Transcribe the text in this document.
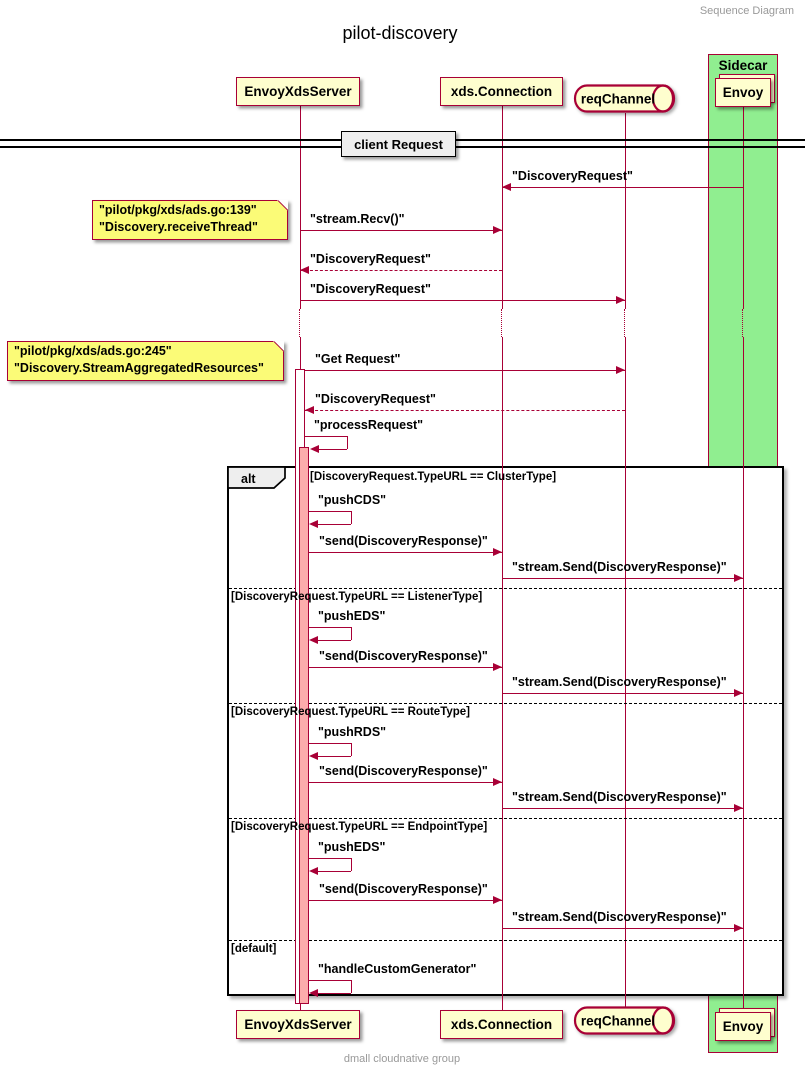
Sequence Diagram
pilot-discovery
Sidecar
client Request
alt
dmall cloudnative group
[DiscoveryRequest.TypeURL == ClusterType]
[DiscoveryRequest.TypeURL == ListenerType]
[DiscoveryRequest.TypeURL == RouteType]
[DiscoveryRequest.TypeURL == EndpointType]
[default]
"DiscoveryRequest"
"stream.Recv()"
"DiscoveryRequest"
"DiscoveryRequest"
"Get Request"
"DiscoveryRequest"
"processRequest"
"pushCDS"
"send(DiscoveryResponse)"
"stream.Send(DiscoveryResponse)"
"pushEDS"
"send(DiscoveryResponse)"
"stream.Send(DiscoveryResponse)"
"pushRDS"
"send(DiscoveryResponse)"
"stream.Send(DiscoveryResponse)"
"pushEDS"
"send(DiscoveryResponse)"
"stream.Send(DiscoveryResponse)"
"handleCustomGenerator"
"pilot/pkg/xds/ads.go:139"
"Discovery.receiveThread"
"pilot/pkg/xds/ads.go:245"
"Discovery.StreamAggregatedResources"
EnvoyXdsServer
EnvoyXdsServer
xds.Connection
xds.Connection
reqChannel
reqChannel
Envoy
Envoy
